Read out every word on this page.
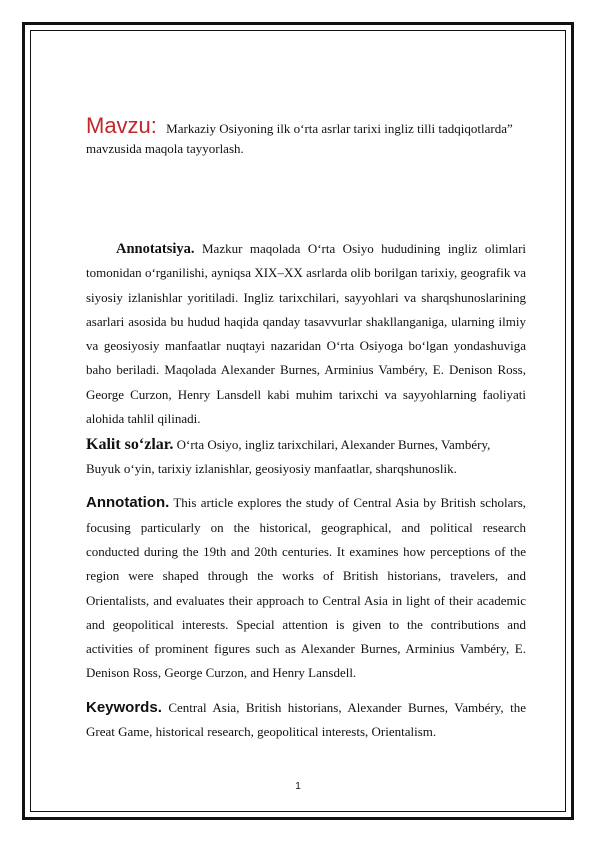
Mavzu: Markaziy Osiyoning ilk o‘rta asrlar tarixi ingliz tilli tadqiqotlarda” mavzusida maqola tayyorlash.

Annotatsiya. Mazkur maqolada O‘rta Osiyo hududining ingliz olimlari tomonidan o‘rganilishi, ayniqsa XIX–XX asrlarda olib borilgan tarixiy, geografik va siyosiy izlanishlar yoritiladi. Ingliz tarixchilari, sayyohlari va sharqshunoslarining asarlari asosida bu hudud haqida qanday tasavvurlar shakllanganiga, ularning ilmiy va geosiyosiy manfaatlar nuqtayi nazaridan O‘rta Osiyoga bo‘lgan yondashuviga baho beriladi. Maqolada Alexander Burnes, Arminius Vambéry, E. Denison Ross, George Curzon, Henry Lansdell kabi muhim tarixchi va sayyohlarning faoliyati alohida tahlil qilinadi.

Kalit so‘zlar. O‘rta Osiyo, ingliz tarixchilari, Alexander Burnes, Vambéry,
Buyuk o‘yin, tarixiy izlanishlar, geosiyosiy manfaatlar, sharqshunoslik.

Annotation. This article explores the study of Central Asia by British scholars, focusing particularly on the historical, geographical, and political research conducted during the 19th and 20th centuries. It examines how perceptions of the region were shaped through the works of British historians, travelers, and Orientalists, and evaluates their approach to Central Asia in light of their academic and geopolitical interests. Special attention is given to the contributions and activities of prominent figures such as Alexander Burnes, Arminius Vambéry, E. Denison Ross, George Curzon, and Henry Lansdell.

Keywords. Central Asia, British historians, Alexander Burnes, Vambéry, the Great Game, historical research, geopolitical interests, Orientalism.

1
